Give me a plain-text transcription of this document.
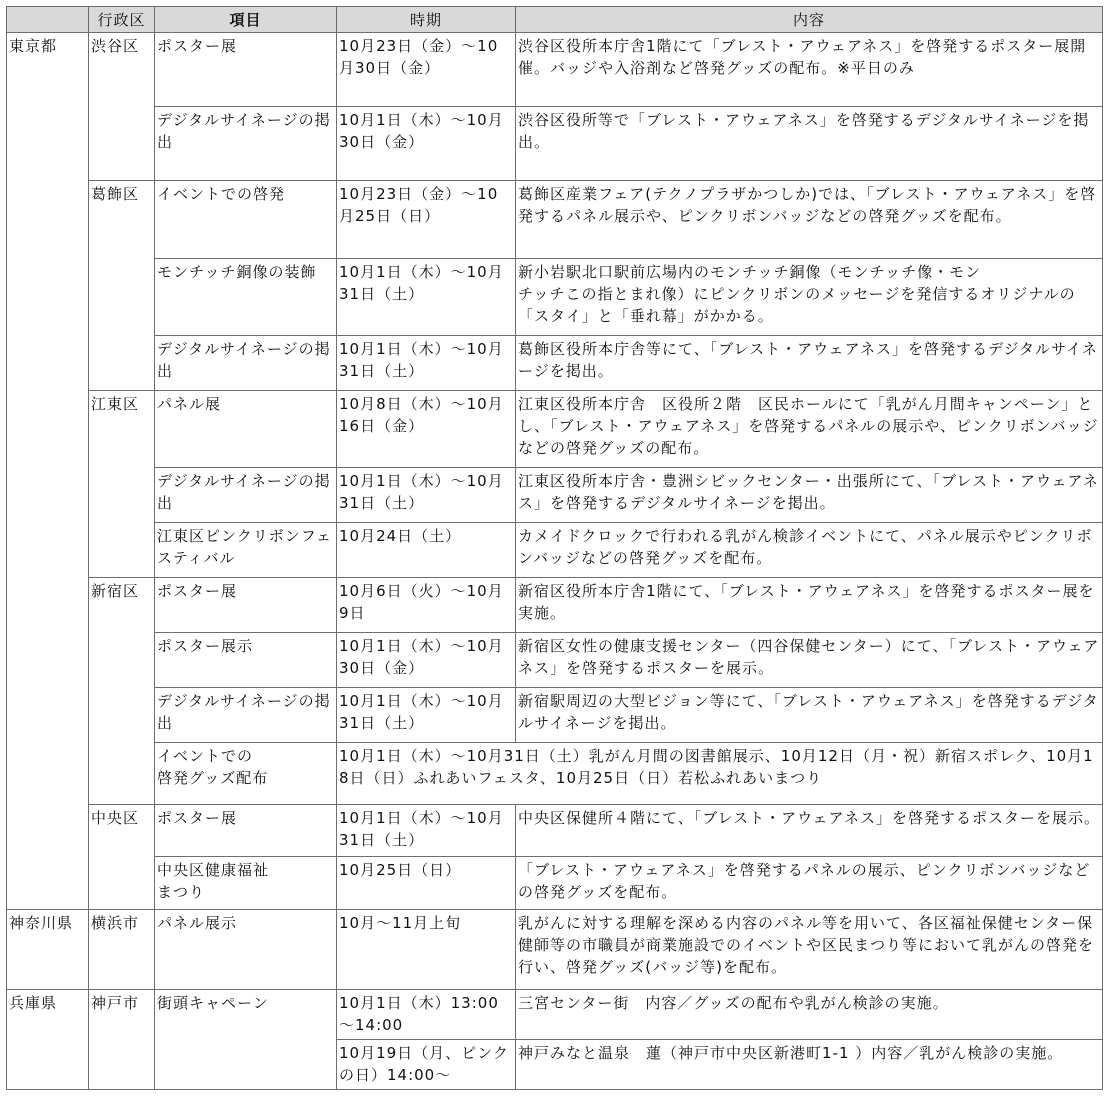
	行政区	項目	時期	内容
東京都	渋谷区	ポスター展	10月23日（金）～10月30日（金）	渋谷区役所本庁舎1階にて「ブレスト・アウェアネス」を啓発するポスター展開催。バッジや入浴剤など啓発グッズの配布。※平日のみ
		デジタルサイネージの掲出	10月1日（木）～10月30日（金）	渋谷区役所等で「ブレスト・アウェアネス」を啓発するデジタルサイネージを掲出。
	葛飾区	イベントでの啓発	10月23日（金）～10月25日（日）	葛飾区産業フェア(テクノプラザかつしか)では、「ブレスト・アウェアネス」を啓発するパネル展示や、ピンクリボンバッジなどの啓発グッズを配布。
		モンチッチ銅像の装飾	10月1日（木）～10月31日（土）	新小岩駅北口駅前広場内のモンチッチ銅像（モンチッチ像・モン
チッチこの指とまれ像）にピンクリボンのメッセージを発信するオリジナルの「スタイ」と「垂れ幕」がかかる。
		デジタルサイネージの掲出	10月1日（木）～10月31日（土）	葛飾区役所本庁舎等にて、「ブレスト・アウェアネス」を啓発するデジタルサイネージを掲出。
	江東区	パネル展	10月8日（木）～10月16日（金）	江東区役所本庁舎　区役所２階　区民ホールにて「乳がん月間キャンペーン」とし、「ブレスト・アウェアネス」を啓発するパネルの展示や、ピンクリボンバッジなどの啓発グッズの配布。
		デジタルサイネージの掲出	10月1日（木）～10月31日（土）	江東区役所本庁舎・豊洲シビックセンター・出張所にて、「ブレスト・アウェアネス」を啓発するデジタルサイネージを掲出。
		江東区ピンクリボンフェスティバル	10月24日（土）	カメイドクロックで行われる乳がん検診イベントにて、パネル展示やピンクリボンバッジなどの啓発グッズを配布。
	新宿区	ポスター展	10月6日（火）～10月9日	新宿区役所本庁舎1階にて、「ブレスト・アウェアネス」を啓発するポスター展を実施。
		ポスター展示	10月1日（木）～10月30日（金）	新宿区女性の健康支援センター（四谷保健センター）にて、「ブレスト・アウェアネス」を啓発するポスターを展示。
		デジタルサイネージの掲出	10月1日（木）～10月31日（土）	新宿駅周辺の大型ビジョン等にて、「ブレスト・アウェアネス」を啓発するデジタルサイネージを掲出。
		イベントでの
啓発グッズ配布	10月1日（木）～10月31日（土）乳がん月間の図書館展示、10月12日（月・祝）新宿スポレク、10月18日（日）ふれあいフェスタ、10月25日（日）若松ふれあいまつり	
	中央区	ポスター展	10月1日（木）～10月31日（土）	中央区保健所４階にて、「ブレスト・アウェアネス」を啓発するポスターを展示。
		中央区健康福祉
まつり	10月25日（日）	「ブレスト・アウェアネス」を啓発するパネルの展示、ピンクリボンバッジなどの啓発グッズを配布。
神奈川県	横浜市	パネル展示	10月～11月上旬	乳がんに対する理解を深める内容のパネル等を用いて、各区福祉保健センター保健師等の市職員が商業施設でのイベントや区民まつり等において乳がんの啓発を行い、啓発グッズ(バッジ等)を配布。
兵庫県	神戸市	街頭キャペーン	10月1日（木）13:00～14:00	三宮センター街　内容／グッズの配布や乳がん検診の実施。
			10月19日（月、ピンクの日）14:00～	神戸みなと温泉　蓮（神戸市中央区新港町1-1 ）内容／乳がん検診の実施。
